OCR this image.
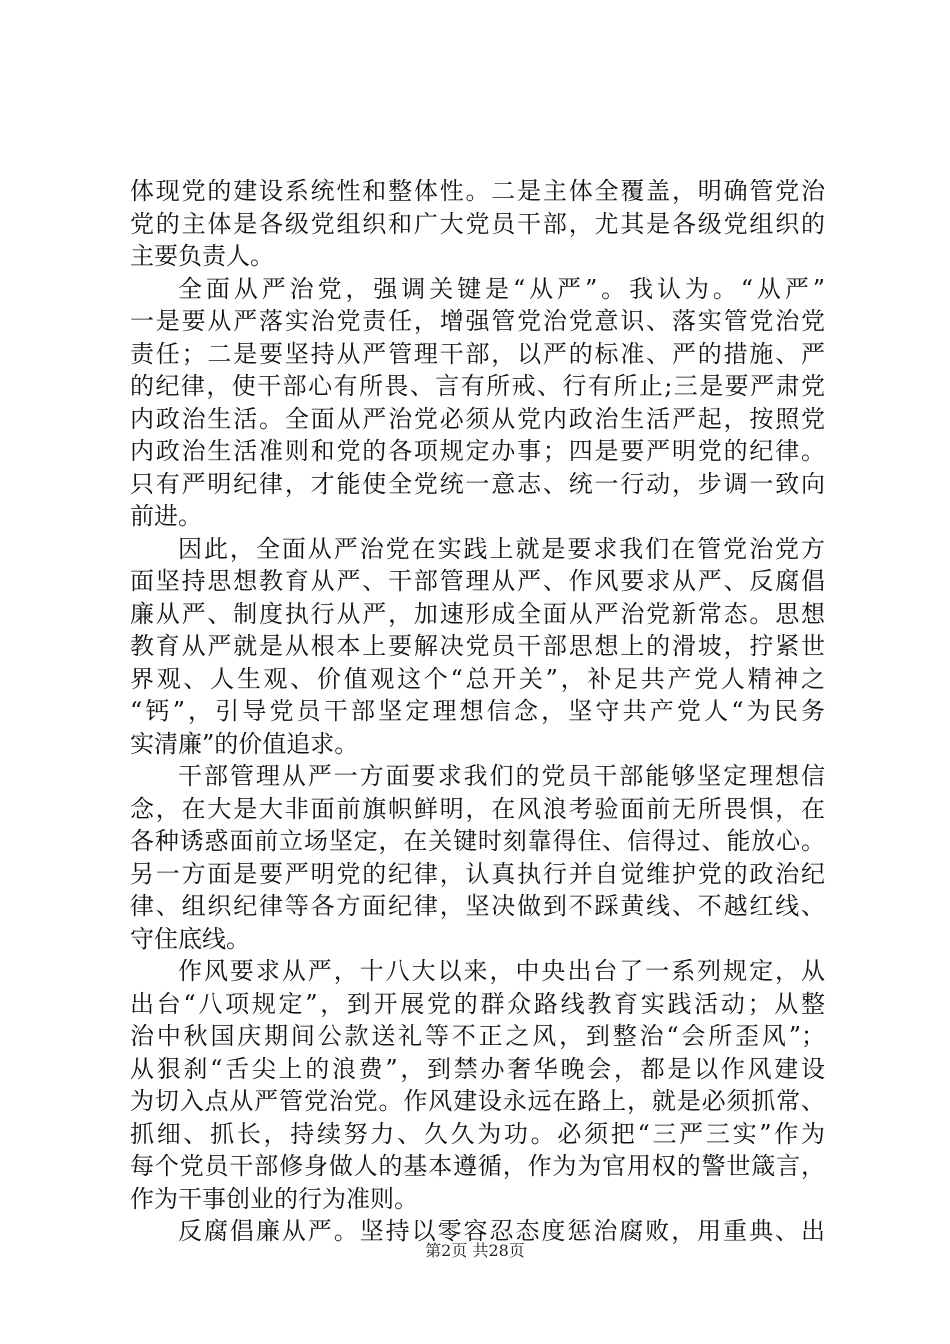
体现党的建设系统性和整体性。二是主体全覆盖，明确管党治
党的主体是各级党组织和广大党员干部，尤其是各级党组织的
主要负责人。
全面从严治党，强调关键是“从严”。我认为。“从严”
一是要从严落实治党责任，增强管党治党意识、落实管党治党
责任；二是要坚持从严管理干部，以严的标准、严的措施、严
的纪律，使干部心有所畏、言有所戒、行有所止;三是要严肃党
内政治生活。全面从严治党必须从党内政治生活严起，按照党
内政治生活准则和党的各项规定办事；四是要严明党的纪律。
只有严明纪律，才能使全党统一意志、统一行动，步调一致向
前进。
因此，全面从严治党在实践上就是要求我们在管党治党方
面坚持思想教育从严、干部管理从严、作风要求从严、反腐倡
廉从严、制度执行从严，加速形成全面从严治党新常态。思想
教育从严就是从根本上要解决党员干部思想上的滑坡，拧紧世
界观、人生观、价值观这个“总开关”，补足共产党人精神之
“钙”，引导党员干部坚定理想信念，坚守共产党人“为民务
实清廉”的价值追求。
干部管理从严一方面要求我们的党员干部能够坚定理想信
念，在大是大非面前旗帜鲜明，在风浪考验面前无所畏惧，在
各种诱惑面前立场坚定，在关键时刻靠得住、信得过、能放心。
另一方面是要严明党的纪律，认真执行并自觉维护党的政治纪
律、组织纪律等各方面纪律，坚决做到不踩黄线、不越红线、
守住底线。
作风要求从严，十八大以来，中央出台了一系列规定，从
出台“八项规定”，到开展党的群众路线教育实践活动；从整
治中秋国庆期间公款送礼等不正之风，到整治“会所歪风”；
从狠刹“舌尖上的浪费”，到禁办奢华晚会，都是以作风建设
为切入点从严管党治党。作风建设永远在路上，就是必须抓常、
抓细、抓长，持续努力、久久为功。必须把“三严三实”作为
每个党员干部修身做人的基本遵循，作为为官用权的警世箴言，
作为干事创业的行为准则。
反腐倡廉从严。坚持以零容忍态度惩治腐败，用重典、出
第2页 共28页
